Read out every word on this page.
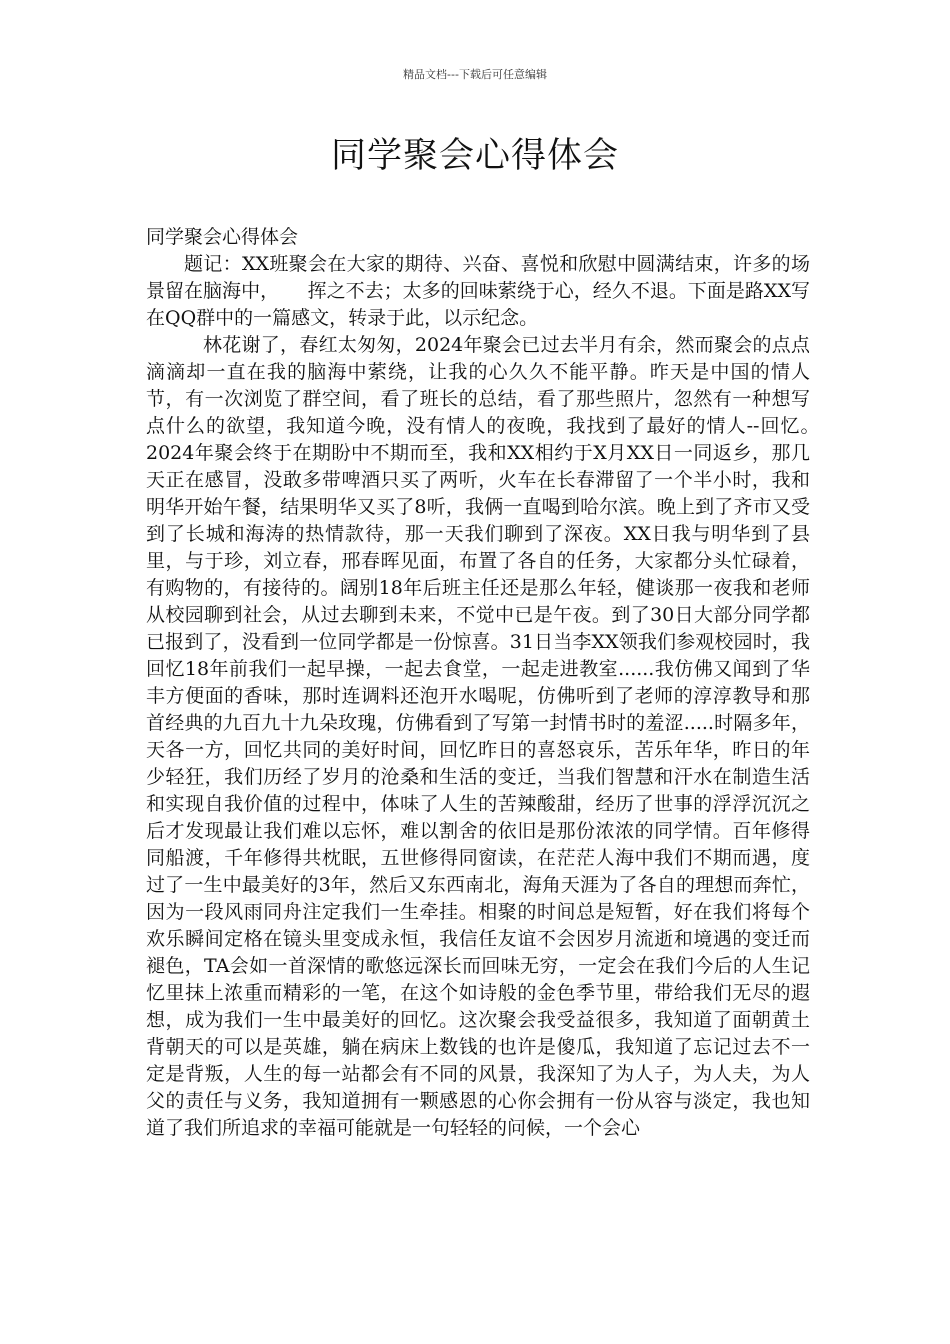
精品文档---下载后可任意编辑
同学聚会心得体会

同学聚会心得体会

题记：XX班聚会在大家的期待、兴奋、喜悦和欣慰中圆满结束，许多的场景留在脑海中，　　挥之不去；太多的回味萦绕于心，经久不退。下面是路XX写在QQ群中的一篇感文，转录于此，以示纪念。

林花谢了，春红太匆匆，2024年聚会已过去半月有余，然而聚会的点点滴滴却一直在我的脑海中萦绕，让我的心久久不能平静。昨天是中国的情人节，有一次浏览了群空间，看了班长的总结，看了那些照片，忽然有一种想写点什么的欲望，我知道今晚，没有情人的夜晚，我找到了最好的情人--回忆。　　2024年聚会终于在期盼中不期而至，我和XX相约于X月XX日一同返乡，那几天正在感冒，没敢多带啤酒只买了两听，火车在长春滞留了一个半小时，我和明华开始午餐，结果明华又买了8听，我俩一直喝到哈尔滨。晚上到了齐市又受到了长城和海涛的热情款待，那一天我们聊到了深夜。XX日我与明华到了县里，与于珍，刘立春，邢春晖见面，布置了各自的任务，大家都分头忙碌着，有购物的，有接待的。阔别18年后班主任还是那么年轻，健谈那一夜我和老师从校园聊到社会，从过去聊到未来，不觉中已是午夜。到了30日大部分同学都已报到了，没看到一位同学都是一份惊喜。31日当李XX领我们参观校园时，我回忆18年前我们一起早操，一起去食堂，一起走进教室......我仿佛又闻到了华丰方便面的香味，那时连调料还泡开水喝呢，仿佛听到了老师的淳淳教导和那首经典的九百九十九朵玫瑰，仿佛看到了写第一封情书时的羞涩.....时隔多年，天各一方，回忆共同的美好时间，回忆昨日的喜怒哀乐，苦乐年华，昨日的年少轻狂，我们历经了岁月的沧桑和生活的变迁，当我们智慧和汗水在制造生活和实现自我价值的过程中，体味了人生的苦辣酸甜，经历了世事的浮浮沉沉之后才发现最让我们难以忘怀，难以割舍的依旧是那份浓浓的同学情。百年修得同船渡，千年修得共枕眠，五世修得同窗读，在茫茫人海中我们不期而遇，度过了一生中最美好的3年，然后又东西南北，海角天涯为了各自的理想而奔忙，因为一段风雨同舟注定我们一生牵挂。相聚的时间总是短暂，好在我们将每个欢乐瞬间定格在镜头里变成永恒，我信任友谊不会因岁月流逝和境遇的变迁而褪色，TA会如一首深情的歌悠远深长而回味无穷，一定会在我们今后的人生记忆里抹上浓重而精彩的一笔，在这个如诗般的金色季节里，带给我们无尽的遐想，成为我们一生中最美好的回忆。这次聚会我受益很多，我知道了面朝黄土背朝天的可以是英雄，躺在病床上数钱的也许是傻瓜，我知道了忘记过去不一定是背叛，人生的每一站都会有不同的风景，我深知了为人子，为人夫，为人父的责任与义务，我知道拥有一颗感恩的心你会拥有一份从容与淡定，我也知道了我们所追求的幸福可能就是一句轻轻的问候，一个会心
